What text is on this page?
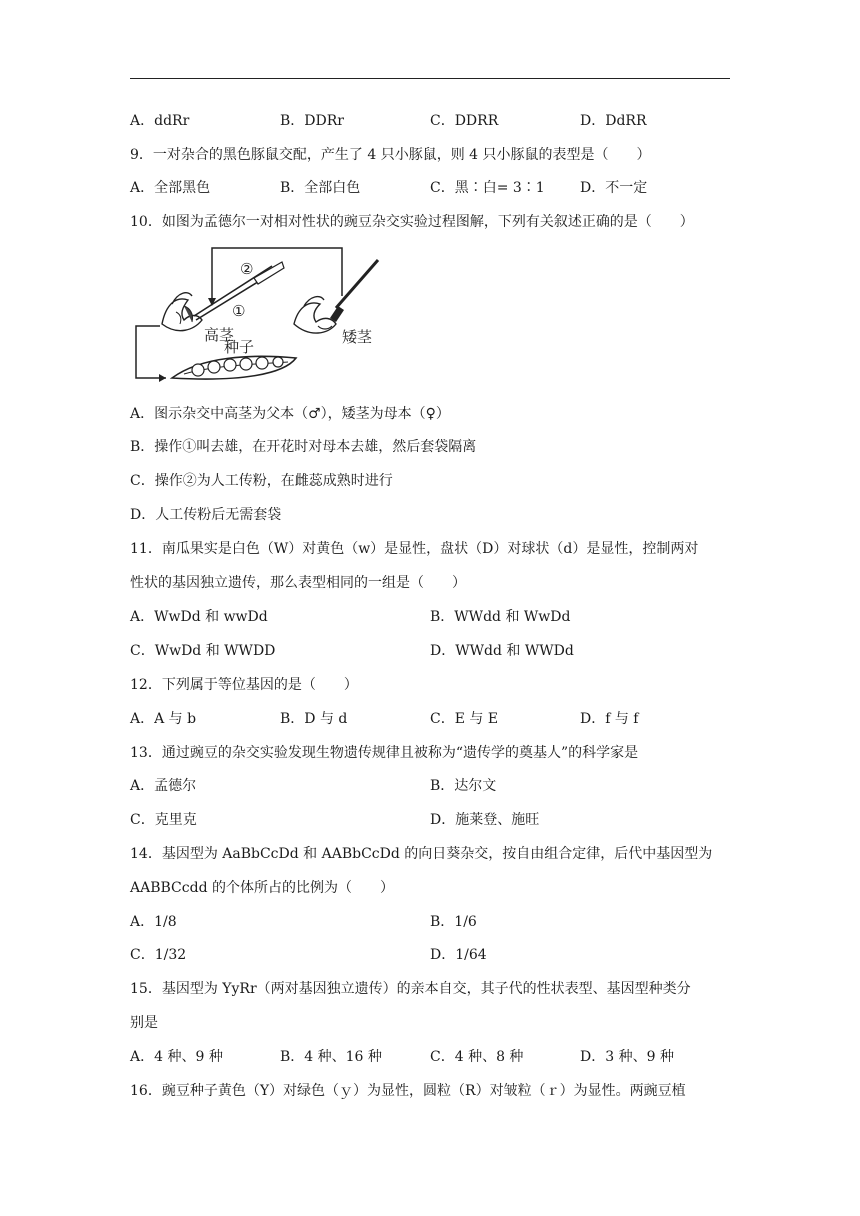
A．ddRr	B．DDRr	C．DDRR	D．DdRR
9．一对杂合的黑色豚鼠交配，产生了 4 只小豚鼠，则 4 只小豚鼠的表型是（　　）
A．全部黑色	B．全部白色	C．黑∶白= 3∶1	D．不一定
10．如图为孟德尔一对相对性状的豌豆杂交实验过程图解，下列有关叙述正确的是（　　）
②
①
高茎	矮茎
种子
A．图示杂交中高茎为父本（♂），矮茎为母本（♀）
B．操作①叫去雄，在开花时对母本去雄，然后套袋隔离
C．操作②为人工传粉，在雌蕊成熟时进行
D．人工传粉后无需套袋
11．南瓜果实是白色（W）对黄色（w）是显性，盘状（D）对球状（d）是显性，控制两对
性状的基因独立遗传，那么表型相同的一组是（　　）
A．WwDd 和 wwDd	B．WWdd 和 WwDd
C．WwDd 和 WWDD	D．WWdd 和 WWDd
12．下列属于等位基因的是（　　）
A．A 与 b	B．D 与 d	C．E 与 E	D．f 与 f
13．通过豌豆的杂交实验发现生物遗传规律且被称为“遗传学的奠基人”的科学家是
A．孟德尔	B．达尔文
C．克里克	D．施莱登、施旺
14．基因型为 AaBbCcDd 和 AABbCcDd 的向日葵杂交，按自由组合定律，后代中基因型为
AABBCcdd 的个体所占的比例为（　　）
A．1/8	B．1/6
C．1/32	D．1/64
15．基因型为 YyRr（两对基因独立遗传）的亲本自交，其子代的性状表型、基因型种类分
别是
A．4 种、9 种	B．4 种、16 种	C．4 种、8 种	D．3 种、9 种
16．豌豆种子黄色（Y）对绿色（ｙ）为显性，圆粒（R）对皱粒（ｒ）为显性。两豌豆植
